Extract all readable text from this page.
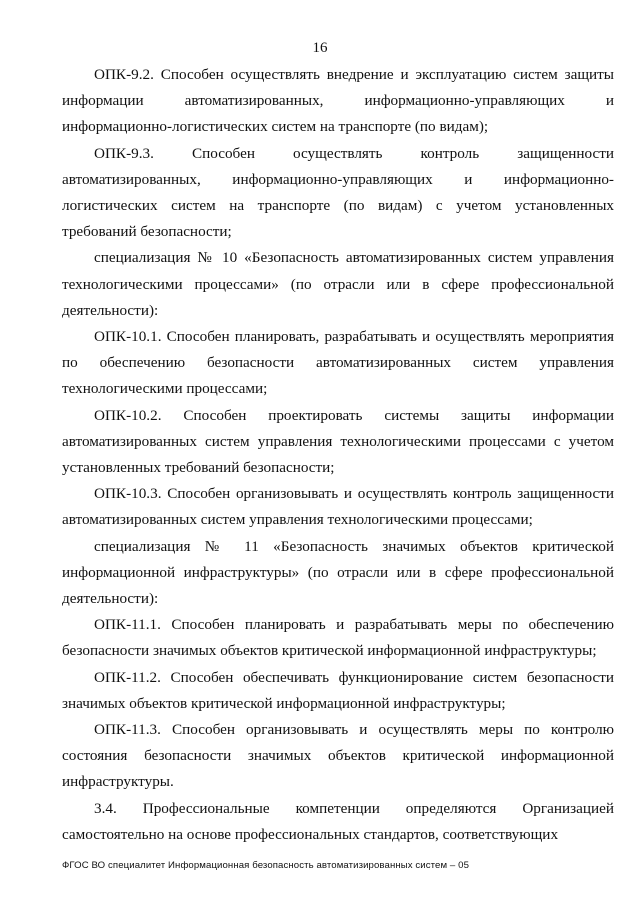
16

ОПК-9.2. Способен осуществлять внедрение и эксплуатацию систем защиты информации автоматизированных, информационно-управляющих и информационно-логистических систем на транспорте (по видам);

ОПК-9.3. Способен осуществлять контроль защищенности автоматизированных, информационно-управляющих и информационно-логистических систем на транспорте (по видам) с учетом установленных требований безопасности;

специализация № 10 «Безопасность автоматизированных систем управления технологическими процессами» (по отрасли или в сфере профессиональной деятельности):

ОПК-10.1. Способен планировать, разрабатывать и осуществлять мероприятия по обеспечению безопасности автоматизированных систем управления технологическими процессами;

ОПК-10.2. Способен проектировать системы защиты информации автоматизированных систем управления технологическими процессами с учетом установленных требований безопасности;

ОПК-10.3. Способен организовывать и осуществлять контроль защищенности автоматизированных систем управления технологическими процессами;

специализация № 11 «Безопасность значимых объектов критической информационной инфраструктуры» (по отрасли или в сфере профессиональной деятельности):

ОПК-11.1. Способен планировать и разрабатывать меры по обеспечению безопасности значимых объектов критической информационной инфраструктуры;

ОПК-11.2. Способен обеспечивать функционирование систем безопасности значимых объектов критической информационной инфраструктуры;

ОПК-11.3. Способен организовывать и осуществлять меры по контролю состояния безопасности значимых объектов критической информационной инфраструктуры.

3.4. Профессиональные компетенции определяются Организацией самостоятельно на основе профессиональных стандартов, соответствующих

ФГОС ВО специалитет Информационная безопасность автоматизированных систем – 05
